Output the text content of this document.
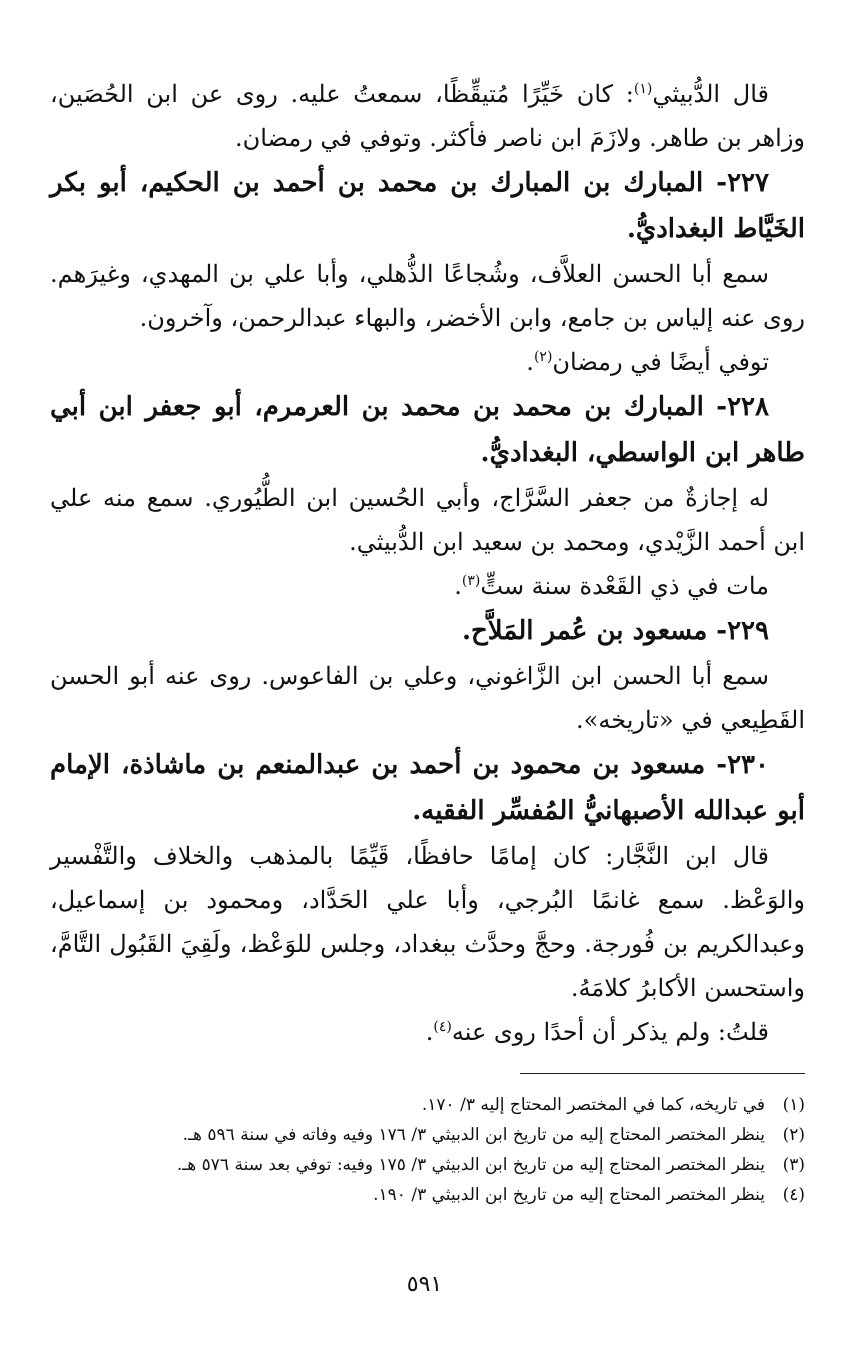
قال الدُّبيثي$^{(١)}$: كان خَيِّرًا مُتيقِّظًا، سمعتُ عليه. روى عن ابن الحُصَين، وزاهر بن طاهر. ولازَمَ ابن ناصر فأكثر. وتوفي في رمضان.

٢٢٧- المبارك بن المبارك بن محمد بن أحمد بن الحكيم، أبو بكر الخَيَّاط البغداديُّ.

سمع أبا الحسن العلاَّف، وشُجاعًا الذُّهلي، وأبا علي بن المهدي، وغيرَهم. روى عنه إلياس بن جامع، وابن الأخضر، والبهاء عبدالرحمن، وآخرون.

توفي أيضًا في رمضان$^{(٢)}$.

٢٢٨- المبارك بن محمد بن محمد بن العرمرم، أبو جعفر ابن أبي طاهر ابن الواسطي، البغداديُّ.

له إجازةٌ من جعفر السَّرَّاج، وأبي الحُسين ابن الطُّيُوري. سمع منه علي ابن أحمد الزَّيْدي، ومحمد بن سعيد ابن الدُّبيثي.

مات في ذي القَعْدة سنة ستٍّ$^{(٣)}$.

٢٢٩- مسعود بن عُمر المَلاَّح.

سمع أبا الحسن ابن الزَّاغوني، وعلي بن الفاعوس. روى عنه أبو الحسن القَطِيعي في «تاريخه».

٢٣٠- مسعود بن محمود بن أحمد بن عبدالمنعم بن ماشاذة، الإمام أبو عبدالله الأصبهانيُّ المُفسِّر الفقيه.

قال ابن النَّجَّار: كان إمامًا حافظًا، قَيِّمًا بالمذهب والخلاف والتَّفْسير والوَعْظ. سمع غانمًا البُرجي، وأبا علي الحَدَّاد، ومحمود بن إسماعيل، وعبدالكريم بن فُورجة. وحجَّ وحدَّث ببغداد، وجلس للوَعْظ، ولَقِيَ القَبُول التَّامَّ، واستحسن الأكابرُ كلامَهُ.

قلتُ: ولم يذكر أن أحدًا روى عنه$^{(٤)}$.

(١)
في تاريخه، كما في المختصر المحتاج إليه ٣/ ١٧٠.
(٢)
ينظر المختصر المحتاج إليه من تاريخ ابن الدبيثي ٣/ ١٧٦ وفيه وفاته في سنة ٥٩٦ هـ.
(٣)
ينظر المختصر المحتاج إليه من تاريخ ابن الدبيثي ٣/ ١٧٥ وفيه: توفي بعد سنة ٥٧٦ هـ.
(٤)
ينظر المختصر المحتاج إليه من تاريخ ابن الدبيثي ٣/ ١٩٠.
٥٩١
